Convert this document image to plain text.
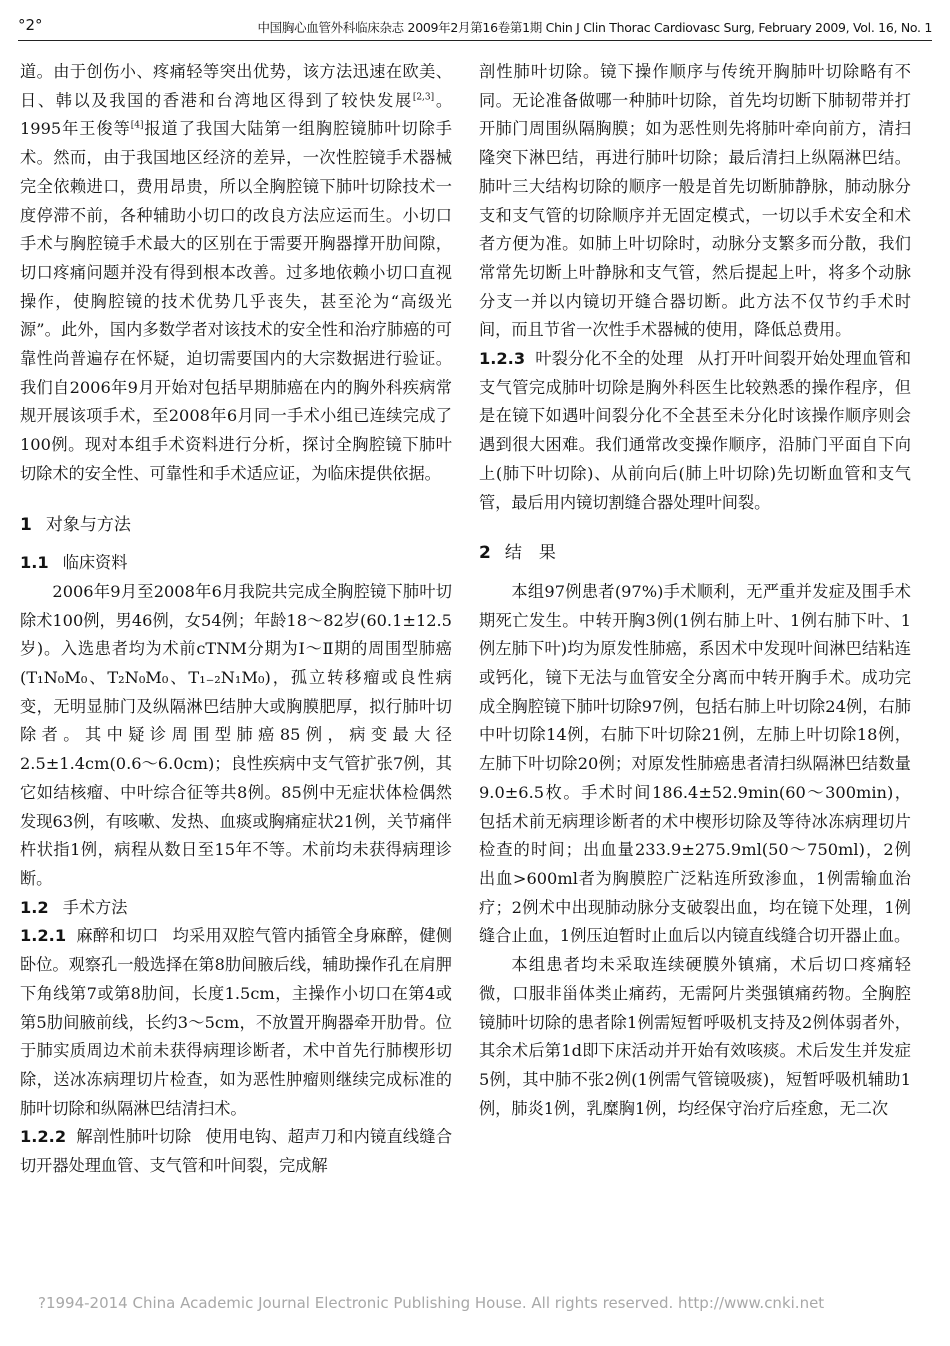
°2°	中国胸心血管外科临床杂志 2009年2月第16卷第1期 Chin J Clin Thorac Cardiovasc Surg, February 2009, Vol. 16, No. 1

道。由于创伤小、疼痛轻等突出优势，该方法迅速在欧美、日、韩以及我国的香港和台湾地区得到了较快发展[2,3]。1995年王俊等[4]报道了我国大陆第一组胸腔镜肺叶切除手术。然而，由于我国地区经济的差异，一次性腔镜手术器械完全依赖进口，费用昂贵，所以全胸腔镜下肺叶切除技术一度停滞不前，各种辅助小切口的改良方法应运而生。小切口手术与胸腔镜手术最大的区别在于需要开胸器撑开肋间隙，切口疼痛问题并没有得到根本改善。过多地依赖小切口直视操作，使胸腔镜的技术优势几乎丧失，甚至沦为“高级光源”。此外，国内多数学者对该技术的安全性和治疗肺癌的可靠性尚普遍存在怀疑，迫切需要国内的大宗数据进行验证。我们自2006年9月开始对包括早期肺癌在内的胸外科疾病常规开展该项手术，至2008年6月同一手术小组已连续完成了100例。现对本组手术资料进行分析，探讨全胸腔镜下肺叶切除术的安全性、可靠性和手术适应证，为临床提供依据。

1 对象与方法
1.1 临床资料

2006年9月至2008年6月我院共完成全胸腔镜下肺叶切除术100例，男46例，女54例；年龄18～82岁(60.1±12.5岁)。入选患者均为术前cTNM分期为Ⅰ～Ⅱ期的周围型肺癌(T₁N₀M₀、T₂N₀M₀、T₁₋₂N₁M₀)，孤立转移瘤或良性病变，无明显肺门及纵隔淋巴结肿大或胸膜肥厚，拟行肺叶切除者。其中疑诊周围型肺癌85例，病变最大径2.5±1.4cm(0.6～6.0cm)；良性疾病中支气管扩张7例，其它如结核瘤、中叶综合征等共8例。85例中无症状体检偶然发现63例，有咳嗽、发热、血痰或胸痛症状21例，关节痛伴杵状指1例，病程从数日至15年不等。术前均未获得病理诊断。

1.2 手术方法

1.2.1 麻醉和切口 均采用双腔气管内插管全身麻醉，健侧卧位。观察孔一般选择在第8肋间腋后线，辅助操作孔在肩胛下角线第7或第8肋间，长度1.5cm，主操作小切口在第4或第5肋间腋前线，长约3～5cm，不放置开胸器牵开肋骨。位于肺实质周边术前未获得病理诊断者，术中首先行肺楔形切除，送冰冻病理切片检查，如为恶性肿瘤则继续完成标准的肺叶切除和纵隔淋巴结清扫术。

1.2.2 解剖性肺叶切除 使用电钩、超声刀和内镜直线缝合切开器处理血管、支气管和叶间裂，完成解

剖性肺叶切除。镜下操作顺序与传统开胸肺叶切除略有不同。无论准备做哪一种肺叶切除，首先均切断下肺韧带并打开肺门周围纵隔胸膜；如为恶性则先将肺叶牵向前方，清扫隆突下淋巴结，再进行肺叶切除；最后清扫上纵隔淋巴结。肺叶三大结构切除的顺序一般是首先切断肺静脉，肺动脉分支和支气管的切除顺序并无固定模式，一切以手术安全和术者方便为准。如肺上叶切除时，动脉分支繁多而分散，我们常常先切断上叶静脉和支气管，然后提起上叶，将多个动脉分支一并以内镜切开缝合器切断。此方法不仅节约手术时间，而且节省一次性手术器械的使用，降低总费用。

1.2.3 叶裂分化不全的处理 从打开叶间裂开始处理血管和支气管完成肺叶切除是胸外科医生比较熟悉的操作程序，但是在镜下如遇叶间裂分化不全甚至未分化时该操作顺序则会遇到很大困难。我们通常改变操作顺序，沿肺门平面自下向上(肺下叶切除)、从前向后(肺上叶切除)先切断血管和支气管，最后用内镜切割缝合器处理叶间裂。

2 结　果

本组97例患者(97%)手术顺利，无严重并发症及围手术期死亡发生。中转开胸3例(1例右肺上叶、1例右肺下叶、1例左肺下叶)均为原发性肺癌，系因术中发现叶间淋巴结粘连或钙化，镜下无法与血管安全分离而中转开胸手术。成功完成全胸腔镜下肺叶切除97例，包括右肺上叶切除24例，右肺中叶切除14例，右肺下叶切除21例，左肺上叶切除18例，左肺下叶切除20例；对原发性肺癌患者清扫纵隔淋巴结数量9.0±6.5枚。手术时间186.4±52.9min(60～300min)，包括术前无病理诊断者的术中楔形切除及等待冰冻病理切片检查的时间；出血量233.9±275.9ml(50～750ml)，2例出血>600ml者为胸膜腔广泛粘连所致渗血，1例需输血治疗；2例术中出现肺动脉分支破裂出血，均在镜下处理，1例缝合止血，1例压迫暂时止血后以内镜直线缝合切开器止血。

本组患者均未采取连续硬膜外镇痛，术后切口疼痛轻微，口服非甾体类止痛药，无需阿片类强镇痛药物。全胸腔镜肺叶切除的患者除1例需短暂呼吸机支持及2例体弱者外，其余术后第1d即下床活动并开始有效咳痰。术后发生并发症5例，其中肺不张2例(1例需气管镜吸痰)，短暂呼吸机辅助1例，肺炎1例，乳糜胸1例，均经保守治疗后痊愈，无二次

?1994-2014 China Academic Journal Electronic Publishing House. All rights reserved. http://www.cnki.net
